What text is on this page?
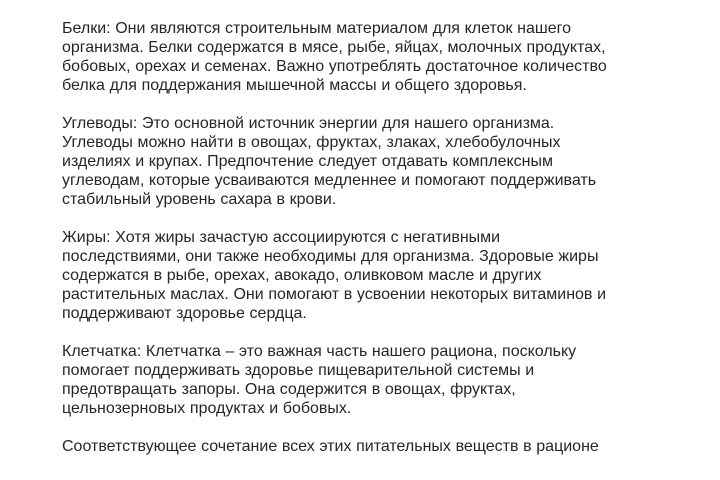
Белки: Они являются строительным материалом для клеток нашего
организма. Белки содержатся в мясе, рыбе, яйцах, молочных продуктах,
бобовых, орехах и семенах. Важно употреблять достаточное количество
белка для поддержания мышечной массы и общего здоровья.

Углеводы: Это основной источник энергии для нашего организма.
Углеводы можно найти в овощах, фруктах, злаках, хлебобулочных
изделиях и крупах. Предпочтение следует отдавать комплексным
углеводам, которые усваиваются медленнее и помогают поддерживать
стабильный уровень сахара в крови.

Жиры: Хотя жиры зачастую ассоциируются с негативными
последствиями, они также необходимы для организма. Здоровые жиры
содержатся в рыбе, орехах, авокадо, оливковом масле и других
растительных маслах. Они помогают в усвоении некоторых витаминов и
поддерживают здоровье сердца.

Клетчатка: Клетчатка – это важная часть нашего рациона, поскольку
помогает поддерживать здоровье пищеварительной системы и
предотвращать запоры. Она содержится в овощах, фруктах,
цельнозерновых продуктах и бобовых.

Соответствующее сочетание всех этих питательных веществ в рационе
